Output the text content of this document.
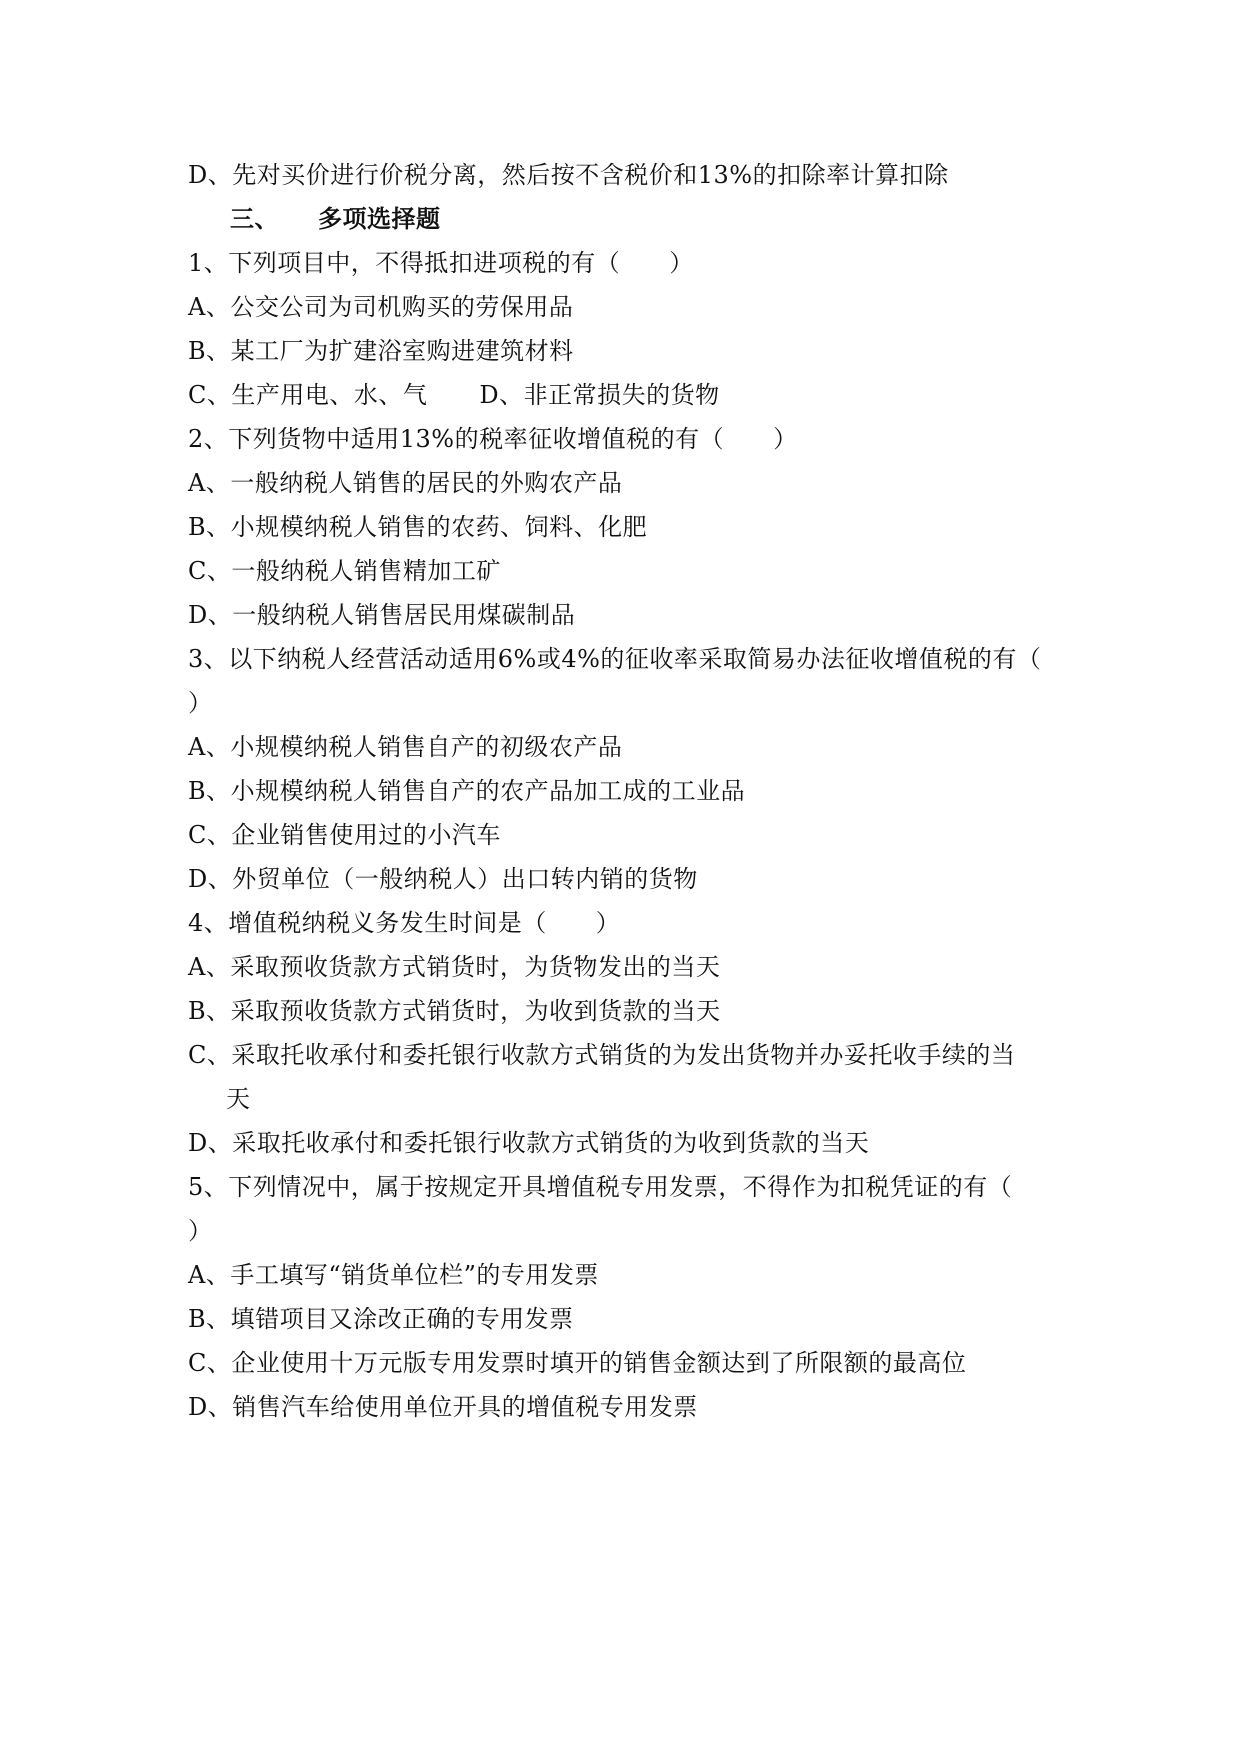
D、先对买价进行价税分离，然后按不含税价和13%的扣除率计算扣除
三、 多项选择题
1、下列项目中，不得抵扣进项税的有（　　）
A、公交公司为司机购买的劳保用品
B、某工厂为扩建浴室购进建筑材料
C、生产用电、水、气 D、非正常损失的货物
2、下列货物中适用13%的税率征收增值税的有（　　）
A、一般纳税人销售的居民的外购农产品
B、小规模纳税人销售的农药、饲料、化肥
C、一般纳税人销售精加工矿
D、一般纳税人销售居民用煤碳制品
3、以下纳税人经营活动适用6%或4%的征收率采取简易办法征收增值税的有（
）
A、小规模纳税人销售自产的初级农产品
B、小规模纳税人销售自产的农产品加工成的工业品
C、企业销售使用过的小汽车
D、外贸单位（一般纳税人）出口转内销的货物
4、增值税纳税义务发生时间是（　　）
A、采取预收货款方式销货时，为货物发出的当天
B、采取预收货款方式销货时，为收到货款的当天
C、采取托收承付和委托银行收款方式销货的为发出货物并办妥托收手续的当
天
D、采取托收承付和委托银行收款方式销货的为收到货款的当天
5、下列情况中，属于按规定开具增值税专用发票，不得作为扣税凭证的有（
）
A、手工填写“销货单位栏”的专用发票
B、填错项目又涂改正确的专用发票
C、企业使用十万元版专用发票时填开的销售金额达到了所限额的最高位
D、销售汽车给使用单位开具的增值税专用发票
